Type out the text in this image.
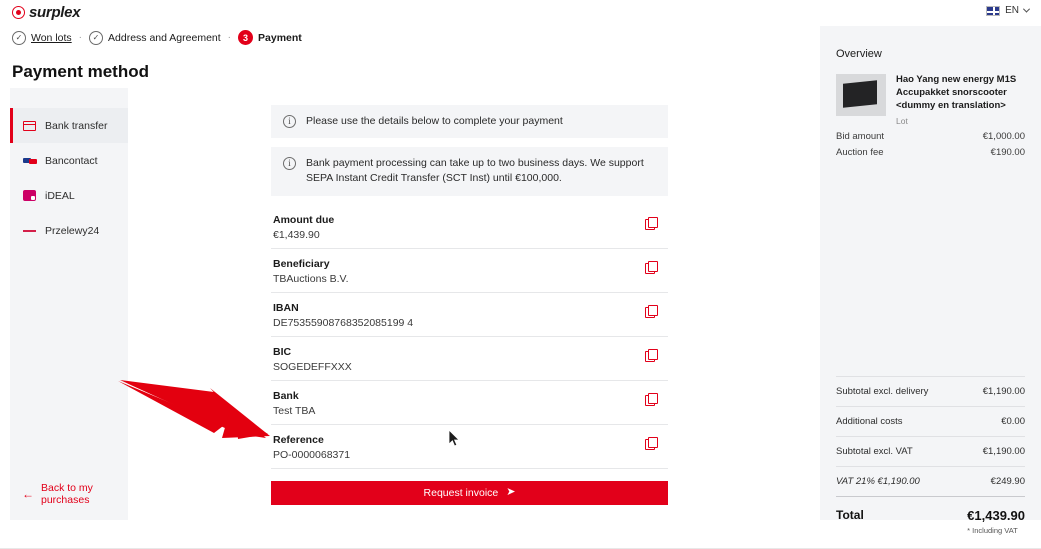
surplex	EN
✓ Won lots ·	✓ Address and Agreement ·	3 Payment
Payment method
Bank transfer
Bancontact
iDEAL
Przelewy24
← Back to my purchases
i	Please use the details below to complete your payment
i	Bank payment processing can take up to two business days. We support SEPA Instant Credit Transfer (SCT Inst) until €100,000.
Amount due
€1,439.90
Beneficiary
TBAuctions B.V.
IBAN
DE75355908768352085199 4
BIC
SOGEDEFFXXX
Bank
Test TBA
Reference
PO-0000068371
Request invoice ➤
Overview
Hao Yang new energy M1S Accupakket snorscooter <dummy en translation>
Lot
Bid amount	€1,000.00
Auction fee	€190.00
Subtotal excl. delivery	€1,190.00
Additional costs	€0.00
Subtotal excl. VAT	€1,190.00
VAT 21% €1,190.00	€249.90
Total	€1,439.90
* Including VAT
